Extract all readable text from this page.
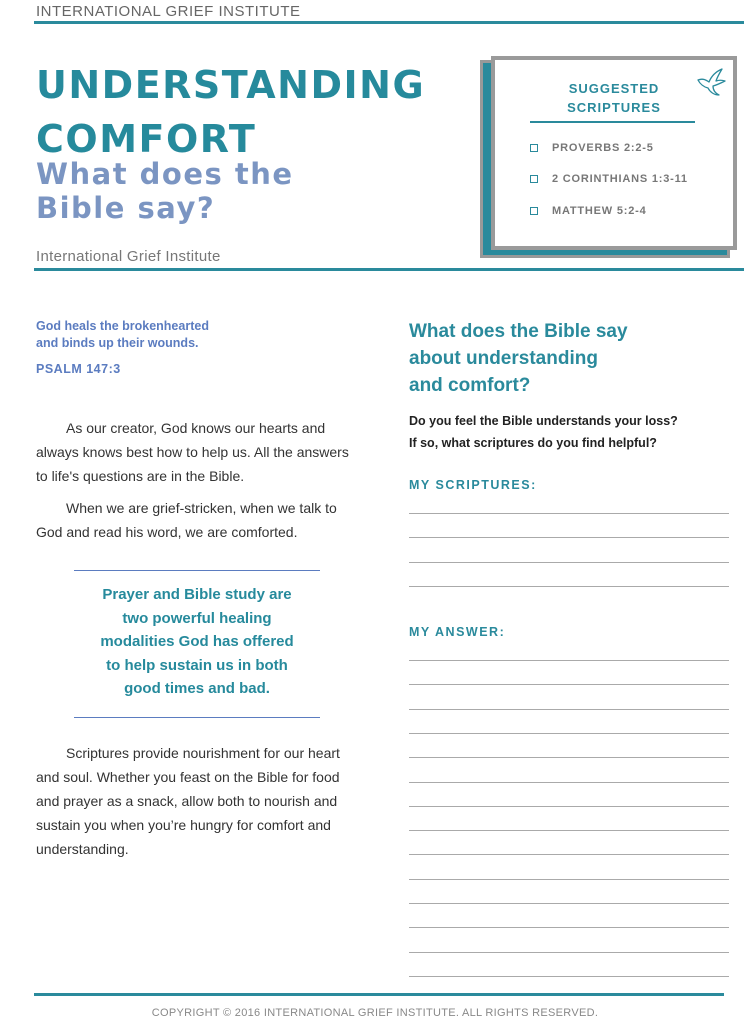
INTERNATIONAL GRIEF INSTITUTE
UNDERSTANDING
COMFORT
What does the
Bible say?
International Grief Institute
SUGGESTED
SCRIPTURES
PROVERBS 2:2-5
2 CORINTHIANS 1:3-11
MATTHEW 5:2-4
God heals the brokenhearted
and binds up their wounds.
PSALM 147:3
As our creator, God knows our hearts and always knows best how to help us. All the answers to life's questions are in the Bible.
When we are grief-stricken, when we talk to God and read his word, we are comforted.
Prayer and Bible study are
two powerful healing
modalities God has offered
to help sustain us in both
good times and bad.
Scriptures provide nourishment for our heart and soul. Whether you feast on the Bible for food and prayer as a snack, allow both to nourish and sustain you when you’re hungry for comfort and understanding.
What does the Bible say
about understanding
and comfort?
Do you feel the Bible understands your loss?
If so, what scriptures do you find helpful?
MY SCRIPTURES:
MY ANSWER:
COPYRIGHT © 2016 INTERNATIONAL GRIEF INSTITUTE. ALL RIGHTS RESERVED.
